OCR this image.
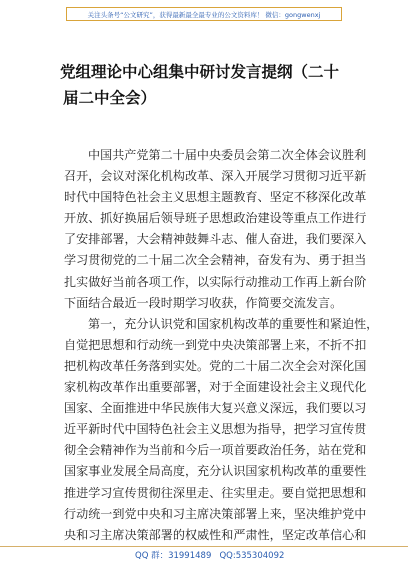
关注头条号“公文研究”，获得最新最全最专业的公文资料库！ 微信：gongwenxj
党组理论中心组集中研讨发言提纲（二十
届二中全会）
中国共产党第二十届中央委员会第二次全体会议胜利
召开，会议对深化机构改革、深入开展学习贯彻习近平新
时代中国特色社会主义思想主题教育、坚定不移深化改革
开放、抓好换届后领导班子思想政治建设等重点工作进行
了安排部署，大会精神鼓舞斗志、催人奋进，我们要深入
学习贯彻党的二十届二次全会精神，奋发有为、勇于担当
扎实做好当前各项工作，以实际行动推动工作再上新台阶
下面结合最近一段时期学习收获，作简要交流发言。
第一，充分认识党和国家机构改革的重要性和紧迫性，
自觉把思想和行动统一到党中央决策部署上来，不折不扣
把机构改革任务落到实处。党的二十届二次全会对深化国
家机构改革作出重要部署，对于全面建设社会主义现代化
国家、全面推进中华民族伟大复兴意义深远，我们要以习
近平新时代中国特色社会主义思想为指导，把学习宣传贯
彻全会精神作为当前和今后一项首要政治任务，站在党和
国家事业发展全局高度，充分认识国家机构改革的重要性
推进学习宣传贯彻往深里走、往实里走。要自觉把思想和
行动统一到党中央和习主席决策部署上来，坚决维护党中
央和习主席决策部署的权威性和严肃性，坚定改革信心和
QQ 群：31991489 QQ:535304092
